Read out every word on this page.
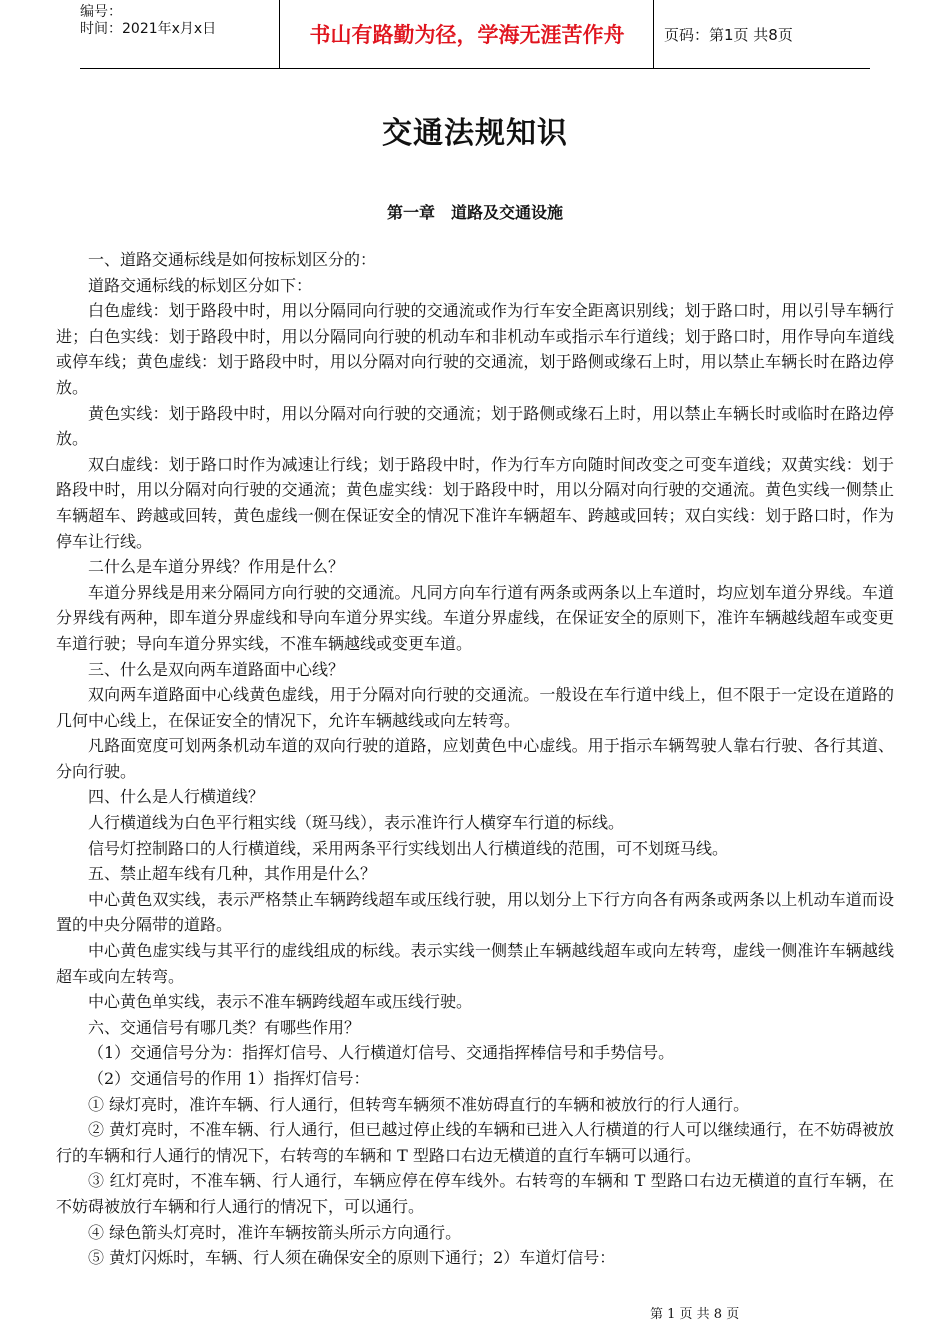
编号：
时间：2021年x月x日	书山有路勤为径，学海无涯苦作舟	页码：第1页 共8页
交通法规知识
第一章　道路及交通设施

一、道路交通标线是如何按标划区分的：

道路交通标线的标划区分如下：

白色虚线：划于路段中时，用以分隔同向行驶的交通流或作为行车安全距离识别线；划于路口时，用以引导车辆行进；白色实线：划于路段中时，用以分隔同向行驶的机动车和非机动车或指示车行道线；划于路口时，用作导向车道线或停车线；黄色虚线：划于路段中时，用以分隔对向行驶的交通流，划于路侧或缘石上时，用以禁止车辆长时在路边停放。

黄色实线：划于路段中时，用以分隔对向行驶的交通流；划于路侧或缘石上时，用以禁止车辆长时或临时在路边停放。

双白虚线：划于路口时作为减速让行线；划于路段中时，作为行车方向随时间改变之可变车道线；双黄实线：划于路段中时，用以分隔对向行驶的交通流；黄色虚实线：划于路段中时，用以分隔对向行驶的交通流。黄色实线一侧禁止车辆超车、跨越或回转，黄色虚线一侧在保证安全的情况下准许车辆超车、跨越或回转；双白实线：划于路口时，作为停车让行线。

二什么是车道分界线？作用是什么？

车道分界线是用来分隔同方向行驶的交通流。凡同方向车行道有两条或两条以上车道时，均应划车道分界线。车道分界线有两种，即车道分界虚线和导向车道分界实线。车道分界虚线，在保证安全的原则下，准许车辆越线超车或变更车道行驶；导向车道分界实线，不准车辆越线或变更车道。

三、什么是双向两车道路面中心线？

双向两车道路面中心线黄色虚线，用于分隔对向行驶的交通流。一般设在车行道中线上，但不限于一定设在道路的几何中心线上，在保证安全的情况下，允许车辆越线或向左转弯。

凡路面宽度可划两条机动车道的双向行驶的道路，应划黄色中心虚线。用于指示车辆驾驶人靠右行驶、各行其道、分向行驶。

四、什么是人行横道线？

人行横道线为白色平行粗实线（斑马线），表示准许行人横穿车行道的标线。

信号灯控制路口的人行横道线，采用两条平行实线划出人行横道线的范围，可不划斑马线。

五、禁止超车线有几种，其作用是什么？

中心黄色双实线，表示严格禁止车辆跨线超车或压线行驶，用以划分上下行方向各有两条或两条以上机动车道而设置的中央分隔带的道路。

中心黄色虚实线与其平行的虚线组成的标线。表示实线一侧禁止车辆越线超车或向左转弯，虚线一侧准许车辆越线超车或向左转弯。

中心黄色单实线，表示不准车辆跨线超车或压线行驶。

六、交通信号有哪几类？有哪些作用？

（1）交通信号分为：指挥灯信号、人行横道灯信号、交通指挥棒信号和手势信号。

（2）交通信号的作用 1）指挥灯信号：

① 绿灯亮时，准许车辆、行人通行，但转弯车辆须不准妨碍直行的车辆和被放行的行人通行。

② 黄灯亮时，不准车辆、行人通行，但已越过停止线的车辆和已进入人行横道的行人可以继续通行，在不妨碍被放行的车辆和行人通行的情况下，右转弯的车辆和 T 型路口右边无横道的直行车辆可以通行。

③ 红灯亮时，不准车辆、行人通行，车辆应停在停车线外。右转弯的车辆和 T 型路口右边无横道的直行车辆，在不妨碍被放行车辆和行人通行的情况下，可以通行。

④ 绿色箭头灯亮时，准许车辆按箭头所示方向通行。

⑤ 黄灯闪烁时，车辆、行人须在确保安全的原则下通行；2）车道灯信号：

第 1 页 共 8 页
